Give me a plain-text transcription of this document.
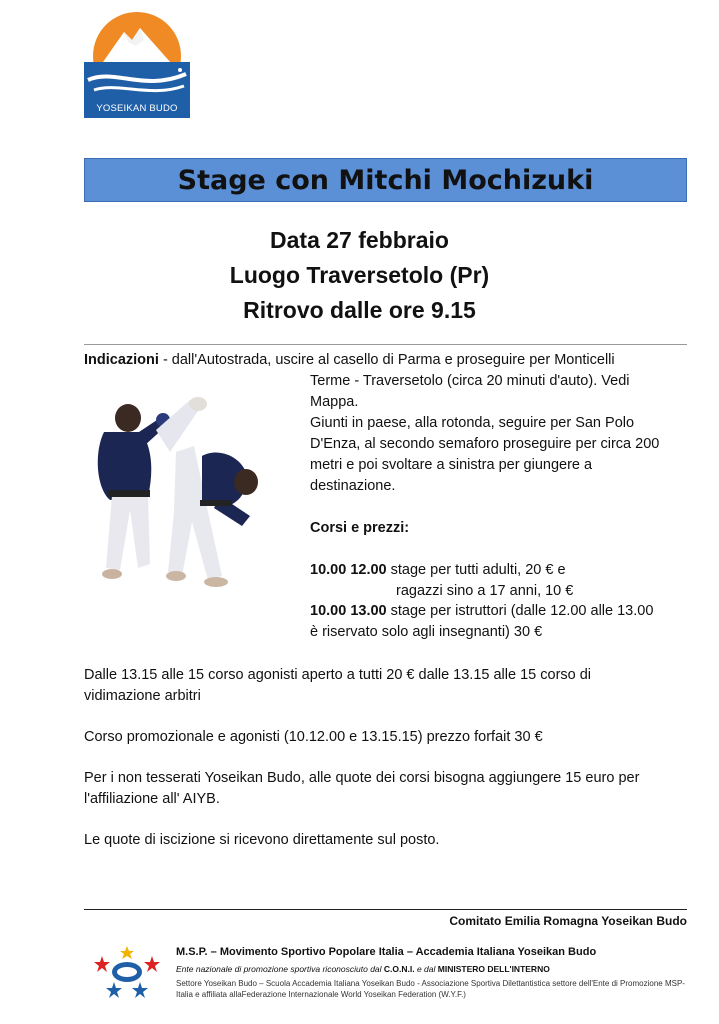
YOSEIKAN BUDO
Stage con Mitchi Mochizuki
Data 27 febbraio
Luogo Traversetolo (Pr)
Ritrovo dalle ore 9.15
Indicazioni - dall'Autostrada, uscire al casello di Parma e proseguire per Monticelli
Terme - Traversetolo (circa 20 minuti d'auto). Vedi
Mappa.
Giunti in paese, alla rotonda, seguire per San Polo
D'Enza, al secondo semaforo proseguire per circa 200
metri e poi svoltare a sinistra per giungere a
destinazione.
Corsi e prezzi:
10.00 12.00 stage per tutti adulti, 20 € e
ragazzi sino a 17 anni, 10 €
10.00 13.00 stage per istruttori (dalle 12.00 alle 13.00
è riservato solo agli insegnanti) 30 €
Dalle 13.15 alle 15 corso agonisti aperto a tutti 20 € dalle 13.15 alle 15 corso di
vidimazione arbitri
Corso promozionale e agonisti (10.12.00 e 13.15.15) prezzo forfait 30 €
Per i non tesserati Yoseikan Budo, alle quote dei corsi bisogna aggiungere 15 euro per
l'affiliazione all' AIYB.
Le quote di iscizione si ricevono direttamente sul posto.
Comitato Emilia Romagna Yoseikan Budo
M.S.P. – Movimento Sportivo Popolare Italia – Accademia Italiana Yoseikan Budo
Ente nazionale di promozione sportiva riconosciuto dal C.O.N.I. e dal MINISTERO DELL'INTERNO
Settore Yoseikan Budo – Scuola Accademia Italiana Yoseikan Budo - Associazione Sportiva Dilettantistica settore dell'Ente di Promozione MSP-
Italia e affiliata allaFederazione Internazionale World Yoseikan Federation (W.Y.F.)
